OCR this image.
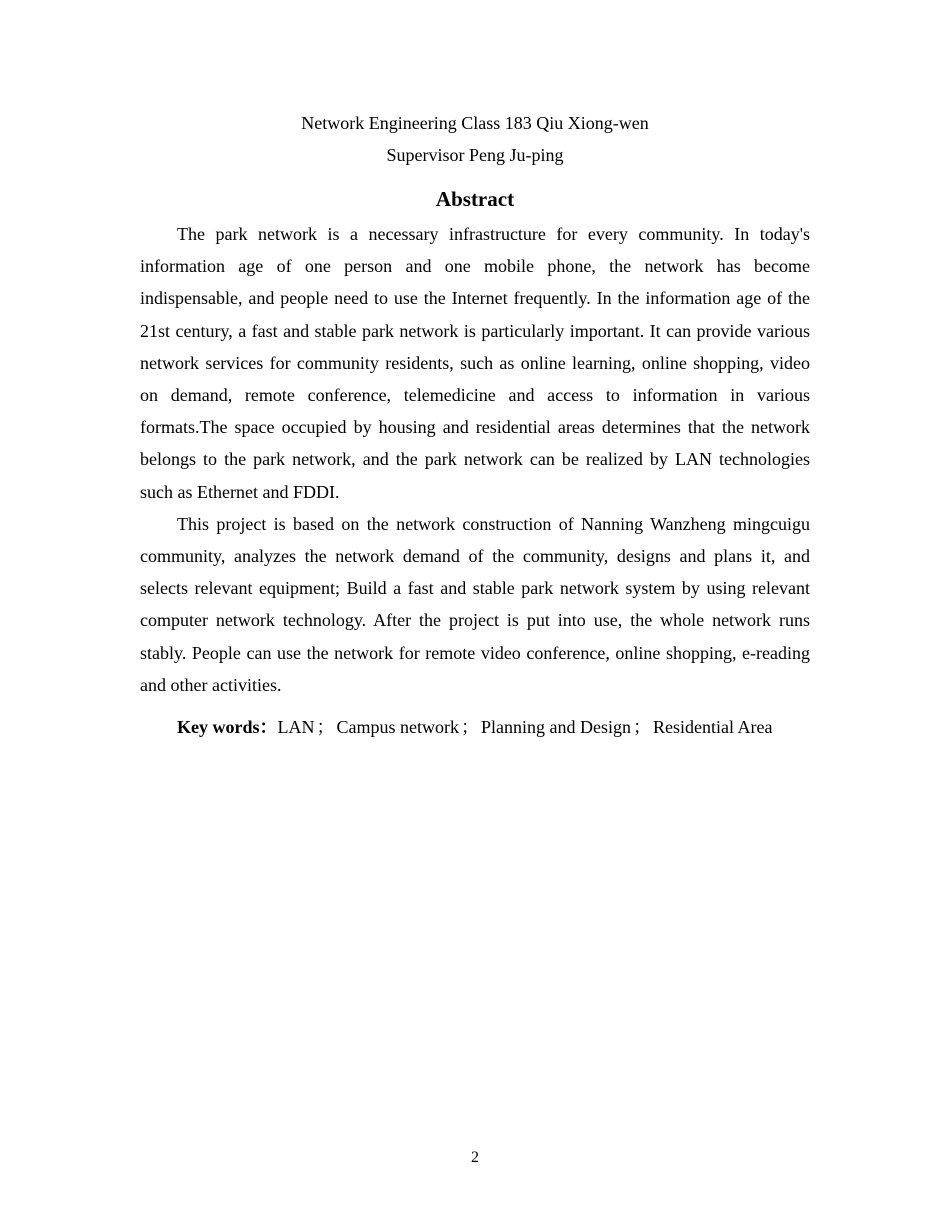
Network Engineering Class 183 Qiu Xiong-wen
Supervisor Peng Ju-ping
Abstract

The park network is a necessary infrastructure for every community. In today's information age of one person and one mobile phone, the network has become indispensable, and people need to use the Internet frequently. In the information age of the 21st century, a fast and stable park network is particularly important. It can provide various network services for community residents, such as online learning, online shopping, video on demand, remote conference, telemedicine and access to information in various formats.The space occupied by housing and residential areas determines that the network belongs to the park network, and the park network can be realized by LAN technologies such as Ethernet and FDDI.

This project is based on the network construction of Nanning Wanzheng mingcuigu community, analyzes the network demand of the community, designs and plans it, and selects relevant equipment; Build a fast and stable park network system by using relevant computer network technology. After the project is put into use, the whole network runs stably. People can use the network for remote video conference, online shopping, e-reading and other activities.

Key words：LAN ； Campus network ； Planning and Design ； Residential Area
2
